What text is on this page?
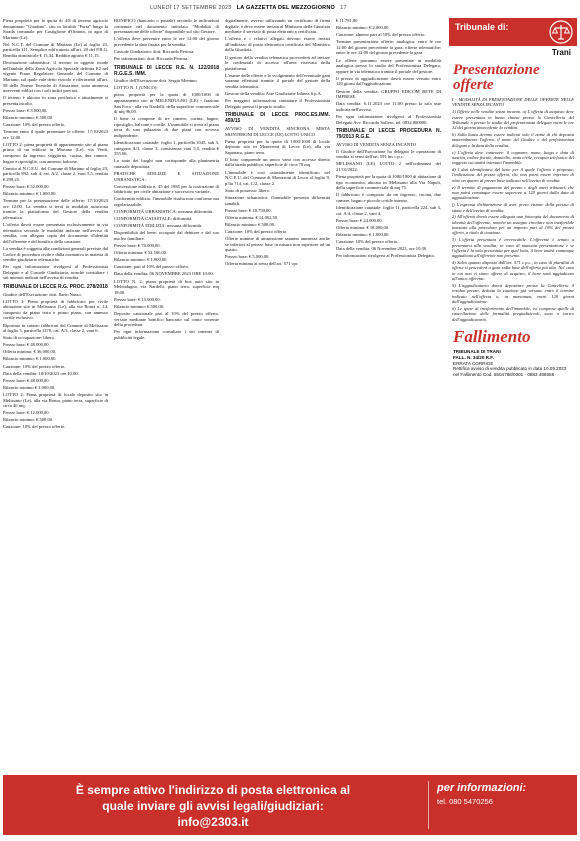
LUNEDÌ 17 SETTEMBRE 2023 LA GAZZETTA DEL MEZZOGIORNO 17

Piena proprietà per la quota di 4/8 di terreno agricolo denominato "Giardino", sito in località "Porta" lungo la Strada comunale per Castiglione d'Otranto, in agro di Martano (Le).

Nel N.C.T. del Comune di Martano (Le) al foglio 23, particella 111. Semplice edificatorio all'art. 20 del P.R.G. Rendita dominicale € 15,34, Reddito agrario € 11,15.

Destinazione urbanistica: il terreno in oggetto ricade nell'ambito della Zona Agricola Speciale definita E2 nel vigente Piano Regolatore Generale del Comune di Martano; sul quale vale detto vincolo e riferimenti all'art. 58 delle Norme Tecniche di Attuazione, sono ammessi interventi edilizi con i soli indici previsti.

Il terreno è ubicato in zona periferica e attualmente si presenta incolto.

Prezzo base: € 3.000,00.

Rilancio minimo: € 500,00.

Cauzione: 10% del prezzo offerto.

Termine entro il quale presentare le offerte: 17/10/2023 ore 12:00.

LOTTO 2: piena proprietà di appartamento sito al piano primo di un edificio in Martano (Le), via Verdi, composto da ingresso, soggiorno, cucina, due camere, bagno e ripostiglio, con annesso balcone.

Censito al N.C.E.U. del Comune di Martano al foglio 23, particella 892, sub 4, cat. A/2, classe 2, vani 5,5, rendita € 298,25.

Prezzo base: € 52.000,00.

Rilancio minimo: € 1.000,00.

Termine per la presentazione delle offerte: 17/10/2023 ore 12:00. La vendita si terrà in modalità asincrona tramite la piattaforma del Gestore della vendita telematica.

L'offerta dovrà essere presentata esclusivamente in via telematica secondo le modalità indicate nell'avviso di vendita, con allegata copia del documento d'identità dell'offerente e del bonifico della cauzione.

La vendita è soggetta alle condizioni generali previste dal Codice di procedura civile e dalla normativa in materia di vendite giudiziarie telematiche.

Per ogni informazione rivolgersi al Professionista Delegato e al Custode Giudiziario, nonché consultare i siti internet indicati nell'avviso di vendita.

TRIBUNALE DI LECCE R.G. PROC. 278/2018

Giudice dell'Esecuzione: dott. Ilario Nasso.

LOTTO 1: Piena proprietà di fabbricato per civile abitazione sito in Melissano (Le), alla via Roma n. 14, composto da piano terra e primo piano, con annesso cortile esclusivo.

Riportato in catasto fabbricati del Comune di Melissano al foglio 5, particella 1270, cat. A/3, classe 2, vani 6.

Stato di occupazione: libero.

Prezzo base: € 48.000,00.

Offerta minima: € 36.000,00.

Rilancio minimo: € 1.000,00.

Cauzione: 10% del prezzo offerto.

Data della vendita: 18/10/2023 ore 10:00.

Prezzo base: € 48.000,00.

Rilancio minimo € 1.000,00.

LOTTO 2: Piena proprietà di locale deposito sito in Melissano (Le), alla via Roma, piano terra, superficie di circa 40 mq.

Prezzo base: € 12.000,00.

Rilancio minimo: € 500,00.

Cauzione: 10% del prezzo offerto.

BONIFICO (bancario o postale) secondo le indicazioni contenute nel documento intitolato "Modalità di presentazione delle offerte" disponibile sul sito Gestore.

L'offerta deve pervenire entro le ore 12:00 del giorno precedente la data fissata per la vendita.

Custode Giudiziario: dott. Riccardo Pertosa.

Per informazioni: dott. Riccardo Pertosa.

TRIBUNALE DI LECCE R.E. N. 122/2018 R.G.E.S. IMM.

Giudice dell'Esecuzione dott. Sergio Memmo.

LOTTO N. 1 (UNICO):

piena proprietà per la quota di 1000/1000 di appartamento sito in MELENDUGNO (LE) - frazione San Foca - alla via Nardelli, della superficie commerciale di mq 96,00.

Il bene si compone di tre camere, cucina, bagno, ripostiglio, balcone e cortile. L'immobile si trova al piano terra di una palazzina di due piani con accesso indipendente.

Identificazione catastale: foglio 1, particella 1045, sub 3, categoria A/3, classe 3, consistenza vani 5,5, rendita € 355,06.

Lo stato dei luoghi non corrisponde alla planimetria catastale depositata.

PRATICHE EDILIZIE E SITUAZIONE URBANISTICA:

Concessione edilizia n. 45 del 1985 per la costruzione di fabbricato per civile abitazione e successiva variante.

Conformità edilizia: l'immobile risulta non conforme ma regolarizzabile.

CONFORMITÀ URBANISTICA: nessuna difformità.

CONFORMITÀ CATASTALE: difformità.

CONFORMITÀ EDILIZIA: nessuna difformità.

Disponibilità del bene: occupato dal debitore e dal suo nucleo familiare.

Prezzo base: € 70.000,00.

Offerta minima: € 52.500,00.

Rilancio minimo: € 1.000,00.

Cauzione: pari al 10% del prezzo offerto.

Data della vendita: 06 NOVEMBRE 2023 ORE 10:00.

LOTTO N. 2: piena proprietà di box auto sito in Melendugno, via Nardelli, piano terra, superficie mq 18,00.

Prezzo base: € 13.000,00.

Rilancio minimo: € 500,00.

Deposito cauzionale pari al 10% del prezzo offerto, versato mediante bonifico bancario sul conto corrente della procedura.

Per ogni informazione consultare i siti internet di pubblicità legale.

digitalmente, ovvero utilizzando un certificato di firma digitale, e deve essere inviata al Ministero della Giustizia mediante il servizio di posta elettronica certificata.

L'offerta e i relativi allegati devono essere inviati all'indirizzo di posta elettronica certificata del Ministero della Giustizia.

Il gestore della vendita telematica provvederà ad inviare le credenziali di accesso all'area riservata della piattaforma.

L'esame delle offerte e lo svolgimento dell'eventuale gara saranno effettuati tramite il portale del gestore della vendita telematica.

Gestore della vendita: Aste Giudiziarie Inlinea S.p.A.

Per maggiori informazioni contattare il Professionista Delegato presso il proprio studio.

TRIBUNALE DI LECCE PROC.ES.IMM. 459/15

AVVISO DI VENDITA SINCRONA MISTA MONTERONI DI LECCE (LE) LOTTO UNICO

Piena proprietà per la quota di 1000/1000 di locale deposito sito in Monteroni di Lecce (Le), alla via Saponaro, piano terra.

Il lotto comprende un unico vano con accesso diretto dalla strada pubblica, superficie di circa 70 mq.

L'immobile è così catastalmente identificato nel N.C.E.U. del Comune di Monteroni di Lecce al foglio 9, p.lla 714, cat. C/2, classe 2.

Stato di possesso: libero.

Situazione urbanistica: l'immobile presenta difformità sanabili.

Prezzo base: € 18.750,00.

Offerta minima: € 14.062,50.

Rilancio minimo: € 500,00.

Cauzione: 10% del prezzo offerto.

Offerte minime di ammissione saranno ammesse anche se inferiori al prezzo base in misura non superiore ad un quarto.

Prezzo base: € 5.000,00.

Offerta minima ai sensi dell'art. 571 cpc

€ 11.781,00

Rilancio minimo: € 2.000,00

Cauzione: almeno pari al 10% del prezzo offerto.

Termine presentazione offerte: analogica: entro le ore 12:00 del giorno precedente la gara; offerte telematiche: entro le ore 12:00 del giorno precedente la gara.

Le offerte potranno essere presentate in modalità analogica presso lo studio del Professionista Delegato, oppure in via telematica tramite il portale del gestore.

Il prezzo di aggiudicazione dovrà essere versato entro 120 giorni dall'aggiudicazione.

Gestore della vendita: GRUPPO EDICOM RETE DI IMPRESE.

Data vendita: 6.11.2023 ore 11:00 presso la sala aste indicata nell'avviso.

Per ogni informazione rivolgersi al Professionista Delegato Avv. Riccardo Sollero, tel. 0832.000000.

TRIBUNALE DI LECCE PROCEDURA N. 79/2013 R.G.E.

AVVISO DI VENDITA SENZA INCANTO

Il Giudice dell'Esecuzione ha delegato le operazioni di vendita ai sensi dell'art. 591 bis c.p.c.

MELISSANO (LE) LOTTO 2 nell'ordinanza del 21/10/2022.

Piena proprietà per la quota di 1000/1000 di abitazione di tipo economico ubicata in Melissano alla Via Napoli, della superficie commerciale di mq 75.

Il fabbricato è composto da un ingresso, cucina, due camere, bagno e piccolo cortile interno.

Identificazione catastale: foglio 11, particella 224, sub 3, cat. A/4, classe 2, vani 4.

Prezzo base: € 24.000,00.

Offerta minima: € 18.000,00.

Rilancio minimo: € 1.000,00.

Cauzione: 10% del prezzo offerto.

Data della vendita: 06 Novembre 2023, ore 10:30.

Per informazioni rivolgersi al Professionista Delegato.

Tribunale di:
Trani
Presentazione offerte

I - MODALITÀ DI PRESENTAZIONE DELLE OFFERTE NELLE VENDITE SENZA INCANTO

1) Offerte nelle vendite senza incanto. a) L'offerta di acquisto deve essere presentata in busta chiusa presso la Cancelleria del Tribunale o presso lo studio del professionista delegato entro le ore 12 del giorno antecedente la vendita.

b) Sulla busta devono essere indicati solo il nome di chi deposita materialmente l'offerta, il nome del Giudice o del professionista delegato e la data della vendita.

c) L'offerta deve contenere: il cognome, nome, luogo e data di nascita, codice fiscale, domicilio, stato civile, recapito telefonico del soggetto cui andrà intestato l'immobile.

d) I dati identificativi del bene per il quale l'offerta è proposta; l'indicazione del prezzo offerto, che non potrà essere inferiore di oltre un quarto al prezzo base indicato nell'avviso di vendita.

e) Il termine di pagamento del prezzo e degli oneri tributari, che non potrà comunque essere superiore a 120 giorni dalla data di aggiudicazione.

f) L'espressa dichiarazione di aver preso visione della perizia di stima e dell'avviso di vendita.

2) All'offerta dovrà essere allegata una fotocopia del documento di identità dell'offerente, nonché un assegno circolare non trasferibile intestato alla procedura per un importo pari al 10% del prezzo offerto, a titolo di cauzione.

3) L'offerta presentata è irrevocabile. L'offerente è tenuto a presentarsi alla vendita; in caso di mancata presentazione e se l'offerta è la sola presentata per quel lotto, il bene andrà comunque aggiudicato all'offerente non presente.

4) Salvo quanto disposto dall'art. 571 c.p.c., in caso di pluralità di offerte si procederà a gara sulla base dell'offerta più alta. Nel caso in cui non vi siano offerte di acquisto, il bene sarà aggiudicato all'unico offerente.

5) L'aggiudicatario dovrà depositare presso la Cancelleria il residuo prezzo, dedotta la cauzione già versata, entro il termine indicato nell'offerta o, in mancanza, entro 120 giorni dall'aggiudicazione.

6) Le spese di trasferimento dell'immobile, ivi comprese quelle di cancellazione delle formalità pregiudizievoli, sono a carico dell'aggiudicatario.

Fallimento
TRIBUNALE DI TRANI
FALL. N. 34/20 R.F.
ERRATA CORRIGE
Rettifica avviso di vendita pubblicato in data 10.09.2023 nel Fallimento Cod. 5504788/0001 - 0883 486558
È sempre attivo l'indirizzo di posta elettronica al
quale inviare gli avvisi legali/giudiziari:
info@2303.it
per informazioni:
tel. 080 5470256
